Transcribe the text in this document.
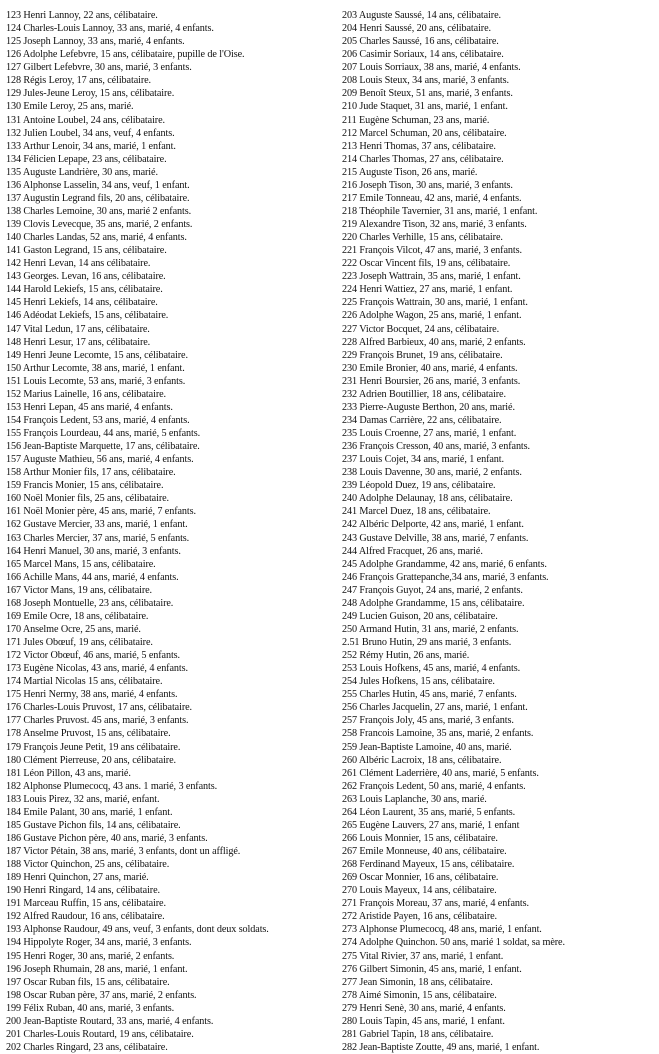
123 Henri Lannoy, 22 ans, célibataire.
124 Charles-Louis Lannoy, 33 ans, marié, 4 enfants.
125 Joseph Lannoy, 33 ans, marié, 4 enfants.
126 Adolphe Lefebvre, 15 ans, célibataire, pupille de l'Oise.
127 Gilbert Lefebvre, 30 ans, marié, 3 enfants.
128 Régis Leroy, 17 ans, célibataire.
129 Jules-Jeune Leroy, 15 ans, célibataire.
130 Emile Leroy, 25 ans, marié.
131 Antoine Loubel, 24 ans, célibataire.
132 Julien Loubel, 34 ans, veuf, 4 enfants.
133 Arthur Lenoir, 34 ans, marié, 1 enfant.
134 Félicien Lepape, 23 ans, célibataire.
135 Auguste Landrière, 30 ans, marié.
136 Alphonse Lasselin, 34 ans, veuf, 1 enfant.
137 Augustin Legrand fils, 20 ans, célibataire.
138 Charles Lemoine, 30 ans, marié 2 enfants.
139 Clovis Levecque, 35 ans, marié, 2 enfants.
140 Charles Landas, 52 ans, marié, 4 enfants.
141 Gaston Legrand, 15 ans, célibataire.
142 Henri Levan, 14 ans célibataire.
143 Georges. Levan, 16 ans, célibataire.
144 Harold Lekiefs, 15 ans, célibataire.
145 Henri Lekiefs, 14 ans, célibataire.
146 Adéodat Lekiefs, 15 ans, célibataire.
147 Vital Ledun, 17 ans, célibataire.
148 Henri Lesur, 17 ans, célibataire.
149 Henri Jeune Lecomte, 15 ans, célibataire.
150 Arthur Lecomte, 38 ans, marié, 1 enfant.
151 Louis Lecomte, 53 ans, marié, 3 enfants.
152 Marius Lainelle, 16 ans, célibataire.
153 Henri Lepan, 45 ans marié, 4 enfants.
154 François Ledent, 53 ans, marié, 4 enfants.
155 François Lourdeau, 44 ans, marié, 5 enfants.
156 Jean-Baptiste Marquette, 17 ans, célibataire.
157 Auguste Mathieu, 56 ans, marié, 4 enfants.
158 Arthur Monier fils, 17 ans, célibataire.
159 Francis Monier, 15 ans, célibataire.
160 Noël Monier fils, 25 ans, célibataire.
161 Noël Monier père, 45 ans, marié, 7 enfants.
162 Gustave Mercier, 33 ans, marié, 1 enfant.
163 Charles Mercier, 37 ans, marié, 5 enfants.
164 Henri Manuel, 30 ans, marié, 3 enfants.
165 Marcel Mans, 15 ans, célibataire.
166 Achille Mans, 44 ans, marié, 4 enfants.
167 Victor Mans, 19 ans, célibataire.
168 Joseph Montuelle, 23 ans, célibataire.
169 Emile Ocre, 18 ans, célibataire.
170 Anselme Ocre, 25 ans, marié.
171 Jules Obœuf, 19 ans, célibataire.
172 Victor Obœuf, 46 ans, marié, 5 enfants.
173 Eugène Nicolas, 43 ans, marié, 4 enfants.
174 Martial Nicolas 15 ans, célibataire.
175 Henri Nermy, 38 ans, marié, 4 enfants.
176 Charles-Louis Pruvost, 17 ans, célibataire.
177 Charles Pruvost. 45 ans, marié, 3 enfants.
178 Anselme Pruvost, 15 ans, célibataire.
179 François Jeune Petit, 19 ans célibataire.
180 Clément Pierreuse, 20 ans, célibataire.
181 Léon Pillon, 43 ans, marié.
182 Alphonse Plumecocq, 43 ans. 1 marié, 3 enfants.
183 Louis Pirez, 32 ans, marié, enfant.
184 Emile Palant, 30 ans, marié, 1 enfant.
185 Gustave Pichon fils, 14 ans, célibataire.
186 Gustave Pichon père, 40 ans, marié, 3 enfants.
187 Victor Pétain, 38 ans, marié, 3 enfants, dont un affligé.
188 Victor Quinchon, 25 ans, célibataire.
189 Henri Quinchon, 27 ans, marié.
190 Henri Ringard, 14 ans, célibataire.
191 Marceau Ruffin, 15 ans, célibataire.
192 Alfred Raudour, 16 ans, célibataire.
193 Alphonse Raudour, 49 ans, veuf, 3 enfants, dont deux soldats.
194 Hippolyte Roger, 34 ans, marié, 3 enfants.
195 Henri Roger, 30 ans, marié, 2 enfants.
196 Joseph Rhumain, 28 ans, marié, 1 enfant.
197 Oscar Ruban fils, 15 ans, célibataire.
198 Oscar Ruban père, 37 ans, marié, 2 enfants.
199 Félix Ruban, 40 ans, marié, 3 enfants.
200 Jean-Baptiste Routard, 33 ans, marié, 4 enfants.
201 Charles-Louis Routard, 19 ans, célibataire.
202 Charles Ringard, 23 ans, célibataire.
203 Auguste Saussé, 14 ans, célibataire.
204 Henri Saussé, 20 ans, célibataire.
205 Charles Saussé, 16 ans, célibataire.
206 Casimir Soriaux, 14 ans, célibataire.
207 Louis Sorriaux, 38 ans, marié, 4 enfants.
208 Louis Steux, 34 ans, marié, 3 enfants.
209 Benoît Steux, 51 ans, marié, 3 enfants.
210 Jude Staquet, 31 ans, marié, 1 enfant.
211 Eugène Schuman, 23 ans, marié.
212 Marcel Schuman, 20 ans, célibataire.
213 Henri Thomas, 37 ans, célibataire.
214 Charles Thomas, 27 ans, célibataire.
215 Auguste Tison, 26 ans, marié.
216 Joseph Tison, 30 ans, marié, 3 enfants.
217 Emile Tonneau, 42 ans, marié, 4 enfants.
218 Théophile Tavernier, 31 ans, marié, 1 enfant.
219 Alexandre Tison, 32 ans, marié, 3 enfants.
220 Charles Verhille, 15 ans, célibataire.
221 François Vilcot, 47 ans, marié, 3 enfants.
222 Oscar Vincent fils, 19 ans, célibataire.
223 Joseph Wattrain, 35 ans, marié, 1 enfant.
224 Henri Wattiez, 27 ans, marié, 1 enfant.
225 François Wattrain, 30 ans, marié, 1 enfant.
226 Adolphe Wagon, 25 ans, marié, 1 enfant.
227 Victor Bocquet, 24 ans, célibataire.
228 Alfred Barbieux, 40 ans, marié, 2 enfants.
229 François Brunet, 19 ans, célibataire.
230 Emile Bronier, 40 ans, marié, 4 enfants.
231 Henri Boursier, 26 ans, marié, 3 enfants.
232 Adrien Boutillier, 18 ans, célibataire.
233 Pierre-Auguste Berthon, 20 ans, marié.
234 Damas Carrière, 22 ans, célibataire.
235 Louis Croenne, 27 ans, marié, 1 enfant.
236 François Cresson, 40 ans, marié, 3 enfants.
237 Louis Cojet, 34 ans, marié, 1 enfant.
238 Louis Davenne, 30 ans, marié, 2 enfants.
239 Léopold Duez, 19 ans, célibataire.
240 Adolphe Delaunay, 18 ans, célibataire.
241 Marcel Duez, 18 ans, célibataire.
242 Albéric Delporte, 42 ans, marié, 1 enfant.
243 Gustave Delville, 38 ans, marié, 7 enfants.
244 Alfred Fracquet, 26 ans, marié.
245 Adolphe Grandamme, 42 ans, marié, 6 enfants.
246 François Grattepanche,34 ans, marié, 3 enfants.
247 François Guyot, 24 ans, marié, 2 enfants.
248 Adolphe Grandamme, 15 ans, célibataire.
249 Lucien Guison, 20 ans, célibataire.
250 Armand Hutin, 31 ans, marié, 2 enfants.
2.51 Bruno Hutin, 29 ans marié, 3 enfants.
252 Rémy Hutin, 26 ans, marié.
253 Louis Hofkens, 45 ans, marié, 4 enfants.
254 Jules Hofkens, 15 ans, célibataire.
255 Charles Hutin, 45 ans, marié, 7 enfants.
256 Charles Jacquelin, 27 ans, marié, 1 enfant.
257 François Joly, 45 ans, marié, 3 enfants.
258 Francois Lamoine, 35 ans, marié, 2 enfants.
259 Jean-Baptiste Lamoine, 40 ans, marié.
260 Albéric Lacroix, 18 ans, célibataire.
261 Clément Laderrière, 40 ans, marié, 5 enfants.
262 François Ledent, 50 ans, marié, 4 enfants.
263 Louis Laplanche, 30 ans, marié.
264 Léon Laurent, 35 ans, marié, 5 enfants.
265 Eugène Lauvers, 27 ans, marié, 1 enfant
266 Louis Monnier, 15 ans, célibataire.
267 Emile Monneuse, 40 ans, célibataire.
268 Ferdinand Mayeux, 15 ans, célibataire.
269 Oscar Monnier, 16 ans, célibataire.
270 Louis Mayeux, 14 ans, célibataire.
271 François Moreau, 37 ans, marié, 4 enfants.
272 Aristide Payen, 16 ans, célibataire.
273 Alphonse Plumecocq, 48 ans, marié, 1 enfant.
274 Adolphe Quinchon. 50 ans, marié 1 soldat, sa mère.
275 Vital Rivier, 37 ans, marié, 1 enfant.
276 Gilbert Simonin, 45 ans, marié, 1 enfant.
277 Jean Simonin, 18 ans, célibataire.
278 Aimé Simonin, 15 ans, célibataire.
279 Henri Senè, 30 ans, marié, 4 enfants.
280 Louis Tapin, 45 ans, marié, 1 enfant.
281 Gabriel Tapin, 18 ans, célibataire.
282 Jean-Baptiste Zoutte, 49 ans, marié, 1 enfant.
